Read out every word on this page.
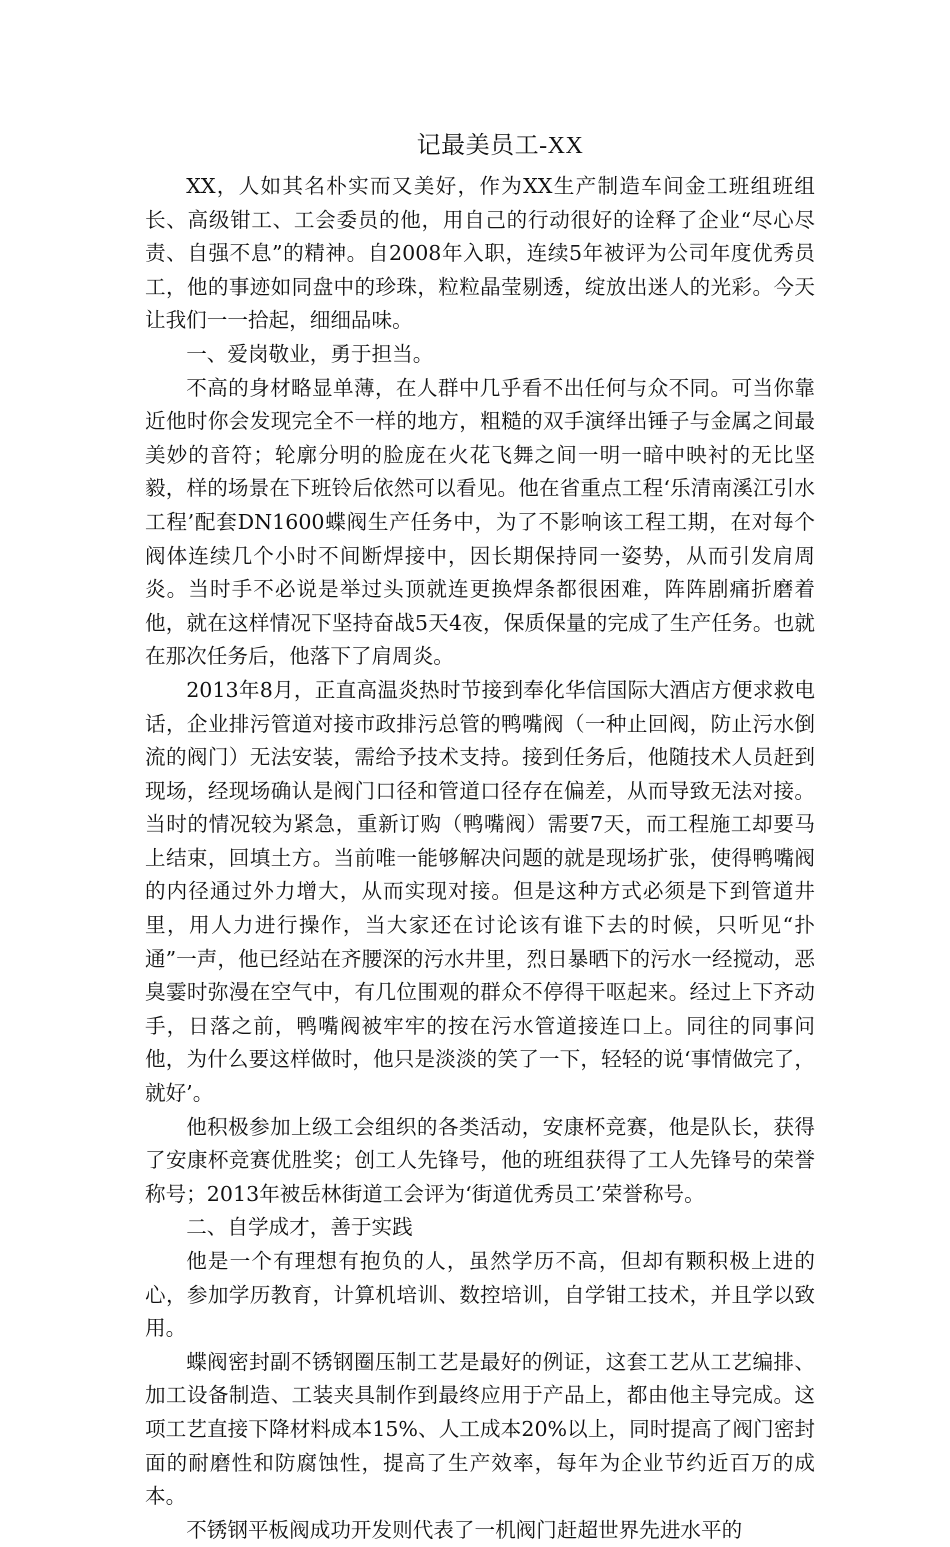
记最美员工-XX

XX，人如其名朴实而又美好，作为XX生产制造车间金工班组班组长、高级钳工、工会委员的他，用自己的行动很好的诠释了企业“尽心尽责、自强不息”的精神。自2008年入职，连续5年被评为公司年度优秀员工，他的事迹如同盘中的珍珠，粒粒晶莹剔透，绽放出迷人的光彩。今天让我们一一拾起，细细品味。

一、爱岗敬业，勇于担当。

不高的身材略显单薄，在人群中几乎看不出任何与众不同。可当你靠近他时你会发现完全不一样的地方，粗糙的双手演绎出锤子与金属之间最美妙的音符；轮廓分明的脸庞在火花飞舞之间一明一暗中映衬的无比坚毅，样的场景在下班铃后依然可以看见。他在省重点工程‘乐清南溪江引水工程’配套DN1600蝶阀生产任务中，为了不影响该工程工期，在对每个阀体连续几个小时不间断焊接中，因长期保持同一姿势，从而引发肩周炎。当时手不必说是举过头顶就连更换焊条都很困难，阵阵剧痛折磨着他，就在这样情况下坚持奋战5天4夜，保质保量的完成了生产任务。也就在那次任务后，他落下了肩周炎。

2013年8月，正直高温炎热时节接到奉化华信国际大酒店方便求救电话，企业排污管道对接市政排污总管的鸭嘴阀（一种止回阀，防止污水倒流的阀门）无法安装，需给予技术支持。接到任务后，他随技术人员赶到现场，经现场确认是阀门口径和管道口径存在偏差，从而导致无法对接。当时的情况较为紧急，重新订购（鸭嘴阀）需要7天，而工程施工却要马上结束，回填土方。当前唯一能够解决问题的就是现场扩张，使得鸭嘴阀的内径通过外力增大，从而实现对接。但是这种方式必须是下到管道井里，用人力进行操作，当大家还在讨论该有谁下去的时候，只听见“扑通”一声，他已经站在齐腰深的污水井里，烈日暴晒下的污水一经搅动，恶臭霎时弥漫在空气中，有几位围观的群众不停得干呕起来。经过上下齐动手，日落之前，鸭嘴阀被牢牢的按在污水管道接连口上。同往的同事问他，为什么要这样做时，他只是淡淡的笑了一下，轻轻的说‘事情做完了，就好’。

他积极参加上级工会组织的各类活动，安康杯竞赛，他是队长，获得了安康杯竞赛优胜奖；创工人先锋号，他的班组获得了工人先锋号的荣誉称号；2013年被岳林街道工会评为‘街道优秀员工’荣誉称号。

二、自学成才，善于实践

他是一个有理想有抱负的人，虽然学历不高，但却有颗积极上进的心，参加学历教育，计算机培训、数控培训，自学钳工技术，并且学以致用。

蝶阀密封副不锈钢圈压制工艺是最好的例证，这套工艺从工艺编排、加工设备制造、工装夹具制作到最终应用于产品上，都由他主导完成。这项工艺直接下降材料成本15%、人工成本20%以上，同时提高了阀门密封面的耐磨性和防腐蚀性，提高了生产效率，每年为企业节约近百万的成本。

不锈钢平板阀成功开发则代表了一机阀门赶超世界先进水平的
